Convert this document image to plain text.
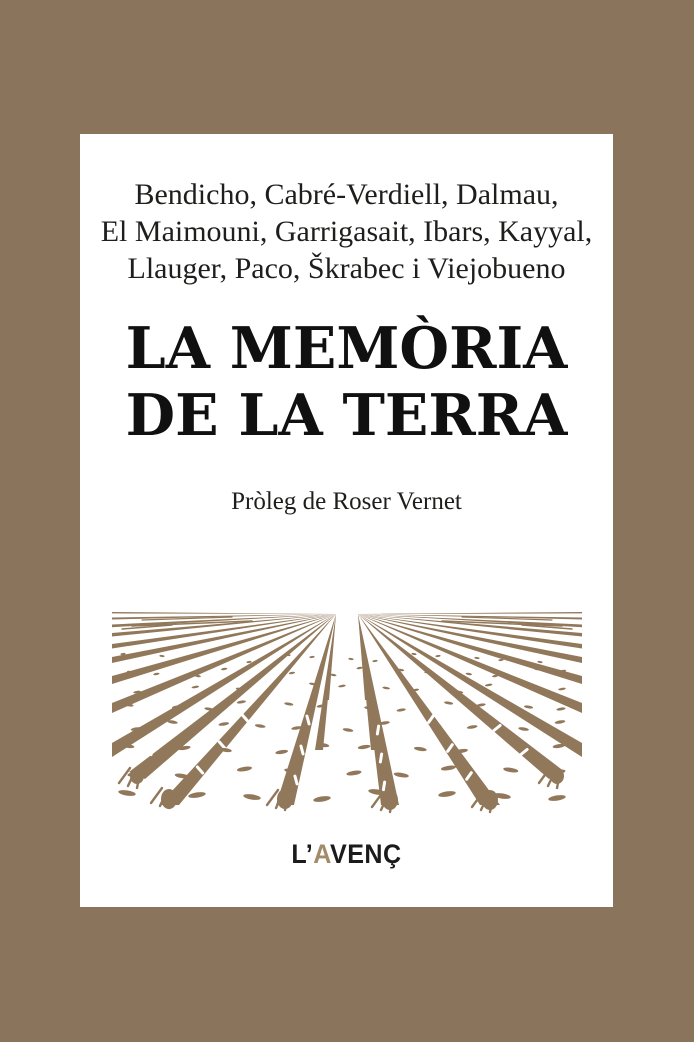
Bendicho, Cabré-Verdiell, Dalmau,
El Maimouni, Garrigasait, Ibars, Kayyal,
Llauger, Paco, Škrabec i Viejobueno
LA MEMÒRIA
DE LA TERRA
Pròleg de Roser Vernet
L’AVENÇ
